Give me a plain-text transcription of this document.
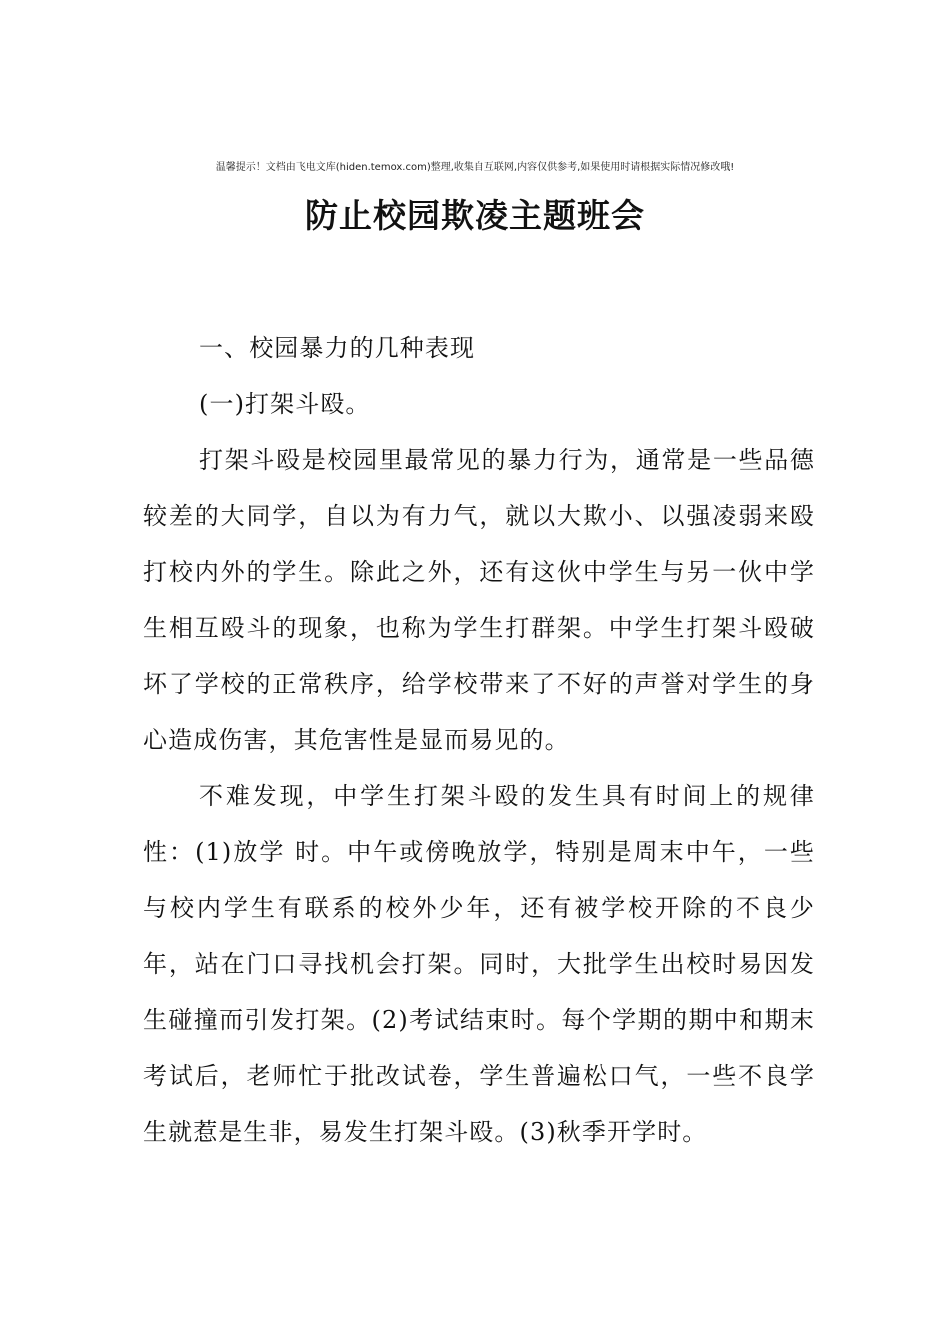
温馨提示！文档由飞电文库(hiden.temox.com)整理,收集自互联网,内容仅供参考,如果使用时请根据实际情况修改哦!
防止校园欺凌主题班会

一、校园暴力的几种表现

(一)打架斗殴。

打架斗殴是校园里最常见的暴力行为，通常是一些品德较差的大同学，自以为有力气，就以大欺小、以强凌弱来殴打校内外的学生。除此之外，还有这伙中学生与另一伙中学生相互殴斗的现象，也称为学生打群架。中学生打架斗殴破坏了学校的正常秩序，给学校带来了不好的声誉对学生的身心造成伤害，其危害性是显而易见的。

不难发现，中学生打架斗殴的发生具有时间上的规律性：(1)放学 时。中午或傍晚放学，特别是周末中午，一些与校内学生有联系的校外少年，还有被学校开除的不良少年，站在门口寻找机会打架。同时，大批学生出校时易因发生碰撞而引发打架。(2)考试结束时。每个学期的期中和期末考试后，老师忙于批改试卷，学生普遍松口气，一些不良学生就惹是生非，易发生打架斗殴。(3)秋季开学时。
